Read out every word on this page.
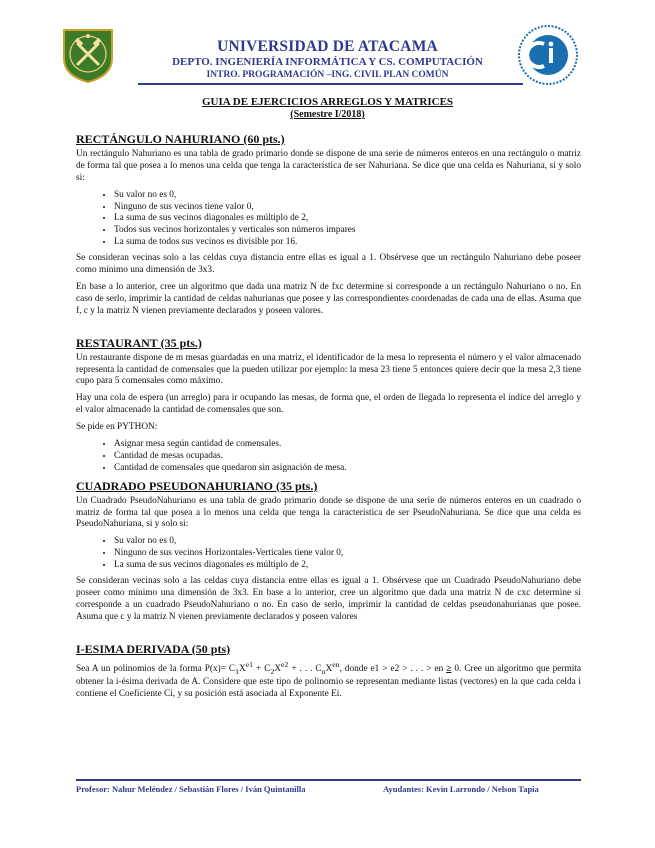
UNIVERSIDAD DE ATACAMA
DEPTO. INGENIERÍA INFORMÁTICA Y CS. COMPUTACIÓN
INTRO. PROGRAMACIÓN –ING. CIVIL PLAN COMÚN
GUIA DE EJERCICIOS ARREGLOS Y MATRICES
(Semestre I/2018)
RECTÁNGULO NAHURIANO (60 pts.)

Un rectángulo Nahuriano es una tabla de grado primario donde se dispone de una serie de números enteros en una rectángulo o matriz de forma tal que posea a lo menos una celda que tenga la característica de ser Nahuriana. Se dice que una celda es Nahuriana, si y solo si:

• Su valor no es 0,
• Ninguno de sus vecinos tiene valor 0,
• La suma de sus vecinos diagonales es múltiplo de 2,
• Todos sus vecinos horizontales y verticales son números impares
• La suma de todos sus vecinos es divisible por 16.

Se consideran vecinas solo a las celdas cuya distancia entre ellas es igual a 1. Obsérvese que un rectángulo Nahuriano debe poseer como mínimo una dimensión de 3x3.

En base a lo anterior, cree un algoritmo que dada una matriz N de fxc determine si corresponde a un rectángulo Nahuriano o no. En caso de serlo, imprimir la cantidad de celdas nahurianas que posee y las correspondientes coordenadas de cada una de ellas. Asuma que f, c y la matriz N vienen previamente declarados y poseen valores.

RESTAURANT (35 pts.)

Un restaurante dispone de m mesas guardadas en una matriz, el identificador de la mesa lo representa el número y el valor almacenado representa la cantidad de comensales que la pueden utilizar por ejemplo: la mesa 23 tiene 5 entonces quiere decir que la mesa 2,3 tiene cupo para 5 comensales como máximo.

Hay una cola de espera (un arreglo) para ir ocupando las mesas, de forma que, el orden de llegada lo representa el índice del arreglo y el valor almacenado la cantidad de comensales que son.

Se pide en PYTHON:

• Asignar mesa según cantidad de comensales.
• Cantidad de mesas ocupadas.
• Cantidad de comensales que quedaron sin asignación de mesa.
CUADRADO PSEUDONAHURIANO (35 pts.)

Un Cuadrado PseudoNahuriano es una tabla de grado primario donde se dispone de una serie de números enteros en un cuadrado o matriz de forma tal que posea a lo menos una celda que tenga la característica de ser PseudoNahuriana. Se dice que una celda es PseudoNahuriana, si y solo si:

• Su valor no es 0,
• Ninguno de sus vecinos Horizontales-Verticales tiene valor 0,
• La suma de sus vecinos diagonales es múltiplo de 2,

Se consideran vecinas solo a las celdas cuya distancia entre ellas es igual a 1. Obsérvese que un Cuadrado PseudoNahuriano debe poseer como mínimo una dimensión de 3x3. En base a lo anterior, cree un algoritmo que dada una matriz N de cxc determine si corresponde a un cuadrado PseudoNahuriano o no. En caso de serlo, imprimir la cantidad de celdas pseudonahurianas que posee. Asuma que c y la matriz N vienen previamente declarados y poseen valores

I-ESIMA DERIVADA (50 pts)

Sea A un polinomios de la forma $P(x)= C_1X^{e1} + C_2X^{e2}$ + . . . $C_nX^{en}$, donde e1 > e2 > . . . > en ≥ 0. Cree un algoritmo que permita obtener la i-ésima derivada de A. Considere que este tipo de polinomio se representan mediante listas (vectores) en la que cada celda i contiene el Coeficiente Ci, y su posición está asociada al Exponente Ei.

Profesor: Nahur Meléndez / Sebastián Flores / Iván Quintanilla	Ayudantes: Kevin Larrondo / Nelson Tapia
